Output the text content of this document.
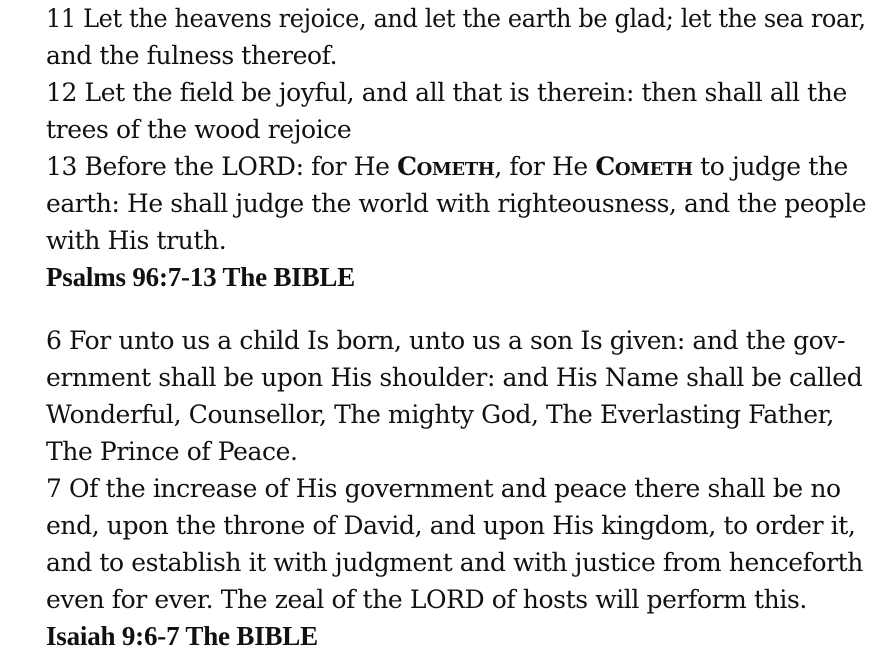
11 Let the heavens rejoice, and let the earth be glad; let the sea roar,
and the fulness thereof.
12 Let the field be joyful, and all that is therein: then shall all the
trees of the wood rejoice
13 Before the LORD: for He Cometh, for He Cometh to judge the
earth: He shall judge the world with righteousness, and the people
with His truth.
Psalms 96:7-13 The BIBLE
6 For unto us a child Is born, unto us a son Is given: and the gov-
ernment shall be upon His shoulder: and His Name shall be called
Wonderful, Counsellor, The mighty God, The Everlasting Father,
The Prince of Peace.
7 Of the increase of His government and peace there shall be no
end, upon the throne of David, and upon His kingdom, to order it,
and to establish it with judgment and with justice from henceforth
even for ever. The zeal of the LORD of hosts will perform this.
Isaiah 9:6-7 The BIBLE
